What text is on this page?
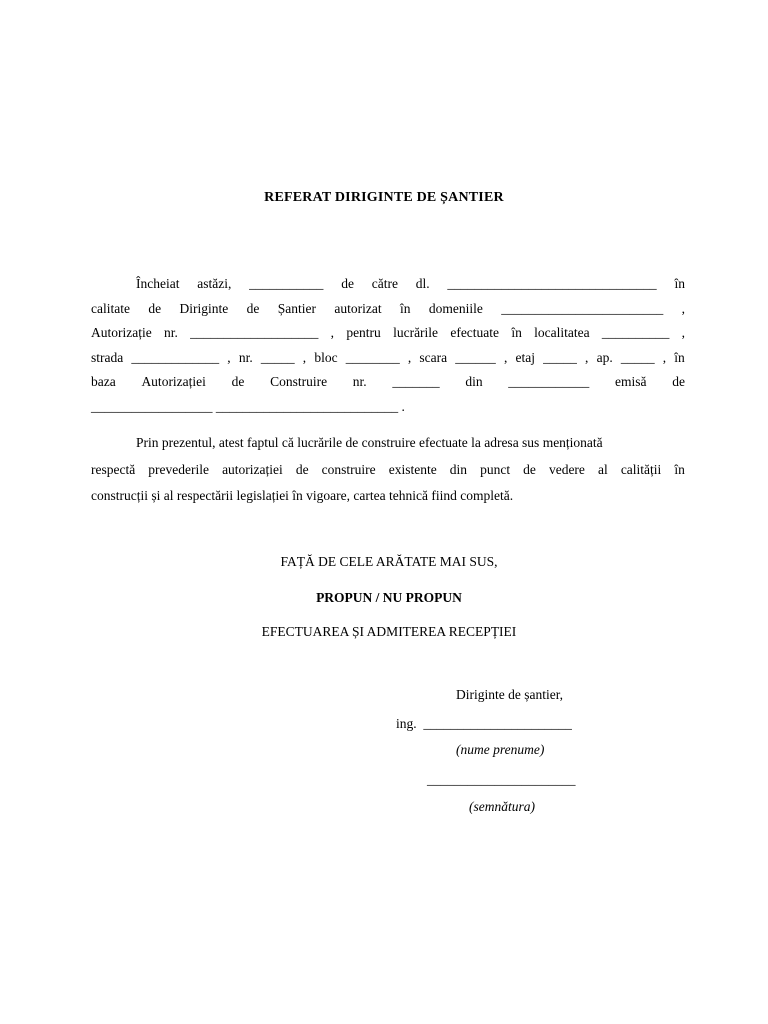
REFERAT DIRIGINTE DE ȘANTIER
Încheiat astăzi, ___________ de către dl. _______________________________ în
calitate de Diriginte de Șantier autorizat în domeniile ________________________ ,
Autorizație nr. ___________________ , pentru lucrările efectuate în localitatea __________ ,
strada _____________ , nr. _____ , bloc ________ , scara ______ , etaj _____ , ap. _____ , în
baza Autorizației de Construire nr. _______ din ____________ emisă de
__________________ ___________________________ .
Prin prezentul, atest faptul că lucrările de construire efectuate la adresa sus menționată
respectă prevederile autorizației de construire existente din punct de vedere al calității în
construcții și al respectării legislației în vigoare, cartea tehnică fiind completă.
FAȚĂ DE CELE ARĂTATE MAI SUS,
PROPUN / NU PROPUN
EFECTUAREA ȘI ADMITEREA RECEPȚIEI
Diriginte de șantier,
ing.  ______________________
(nume prenume)
______________________
(semnătura)
